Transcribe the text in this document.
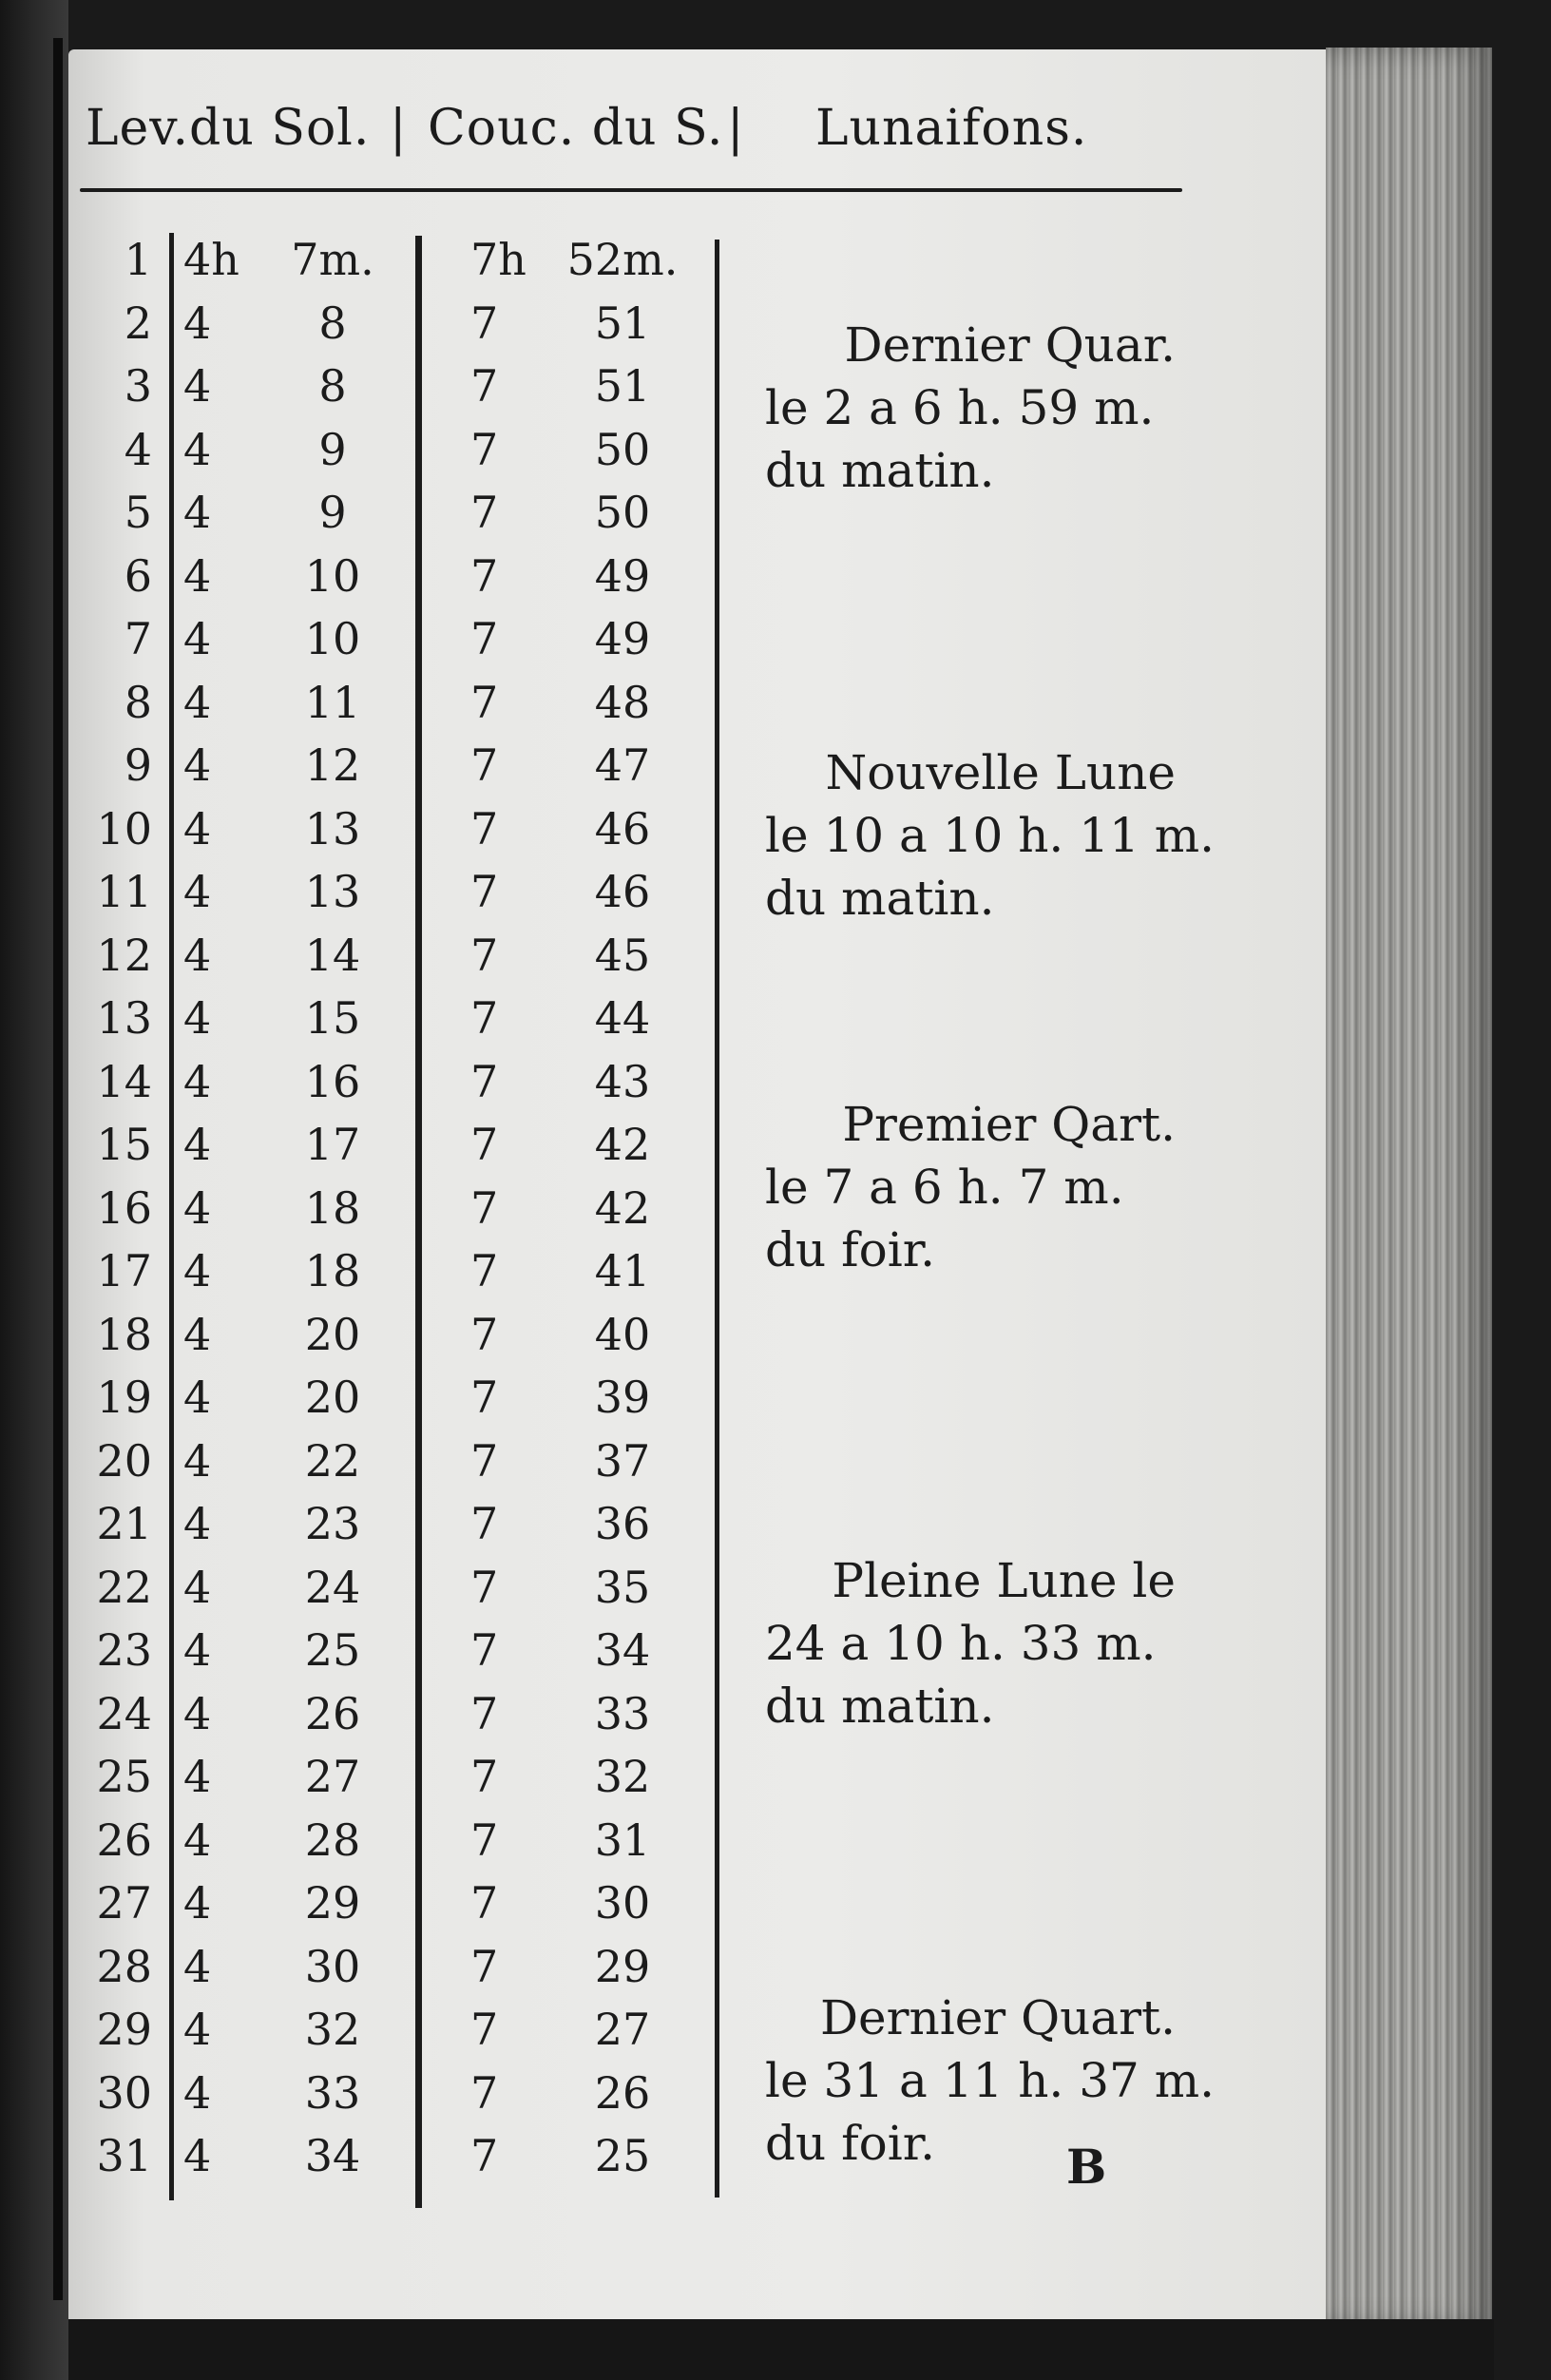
Lev.du Sol. | Couc. du S. | Lunaifons.
1 4h	7m.	7h 52m.
2 4	8	7	51
3 4	8	7	51
4 4	9	7	50
5 4	9	7	50
6 4	10	7	49
7 4	10	7	49
8 4	11	7	48
9 4	12	7	47
10 4	13	7	46
11 4	13	7	46
12 4	14	7	45
13 4	15	7	44
14 4	16	7	43
15 4	17	7	42
16 4	18	7	42
17 4	18	7	41
18 4	20	7	40
19 4	20	7	39
20 4	22	7	37
21 4	23	7	36
22 4	24	7	35
23 4	25	7	34
24 4	26	7	33
25 4	27	7	32
26 4	28	7	31
27 4	29	7	30
28 4	30	7	29
29 4	32	7	27
30 4	33	7	26
31 4	34	7	25
Dernier Quar.
le 2 a 6 h. 59 m.
du matin.
Nouvelle Lune
le 10 a 10 h. 11 m.
du matin.
Premier Qart.
le 7 a 6 h. 7 m.
du foir.
Pleine Lune le
24 a 10 h. 33 m.
du matin.
Dernier Quart.
le 31 a 11 h. 37 m.
du foir.	B
